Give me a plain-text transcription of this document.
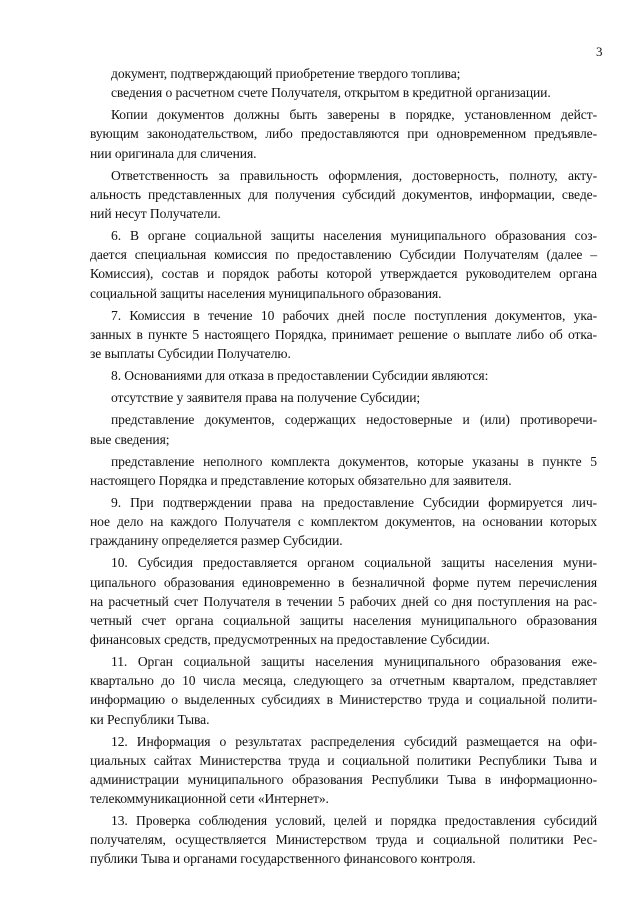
3
документ, подтверждающий приобретение твердого топлива;
сведения о расчетном счете Получателя, открытом в кредитной организации.
Копии документов должны быть заверены в порядке, установленном дейст-
вующим законодательством, либо предоставляются при одновременном предъявле-
нии оригинала для сличения.
Ответственность за правильность оформления, достоверность, полноту, акту-
альность представленных для получения субсидий документов, информации, сведе-
ний несут Получатели.
6. В органе социальной защиты населения муниципального образования соз-
дается специальная комиссия по предоставлению Субсидии Получателям (далее –
Комиссия), состав и порядок работы которой утверждается руководителем органа
социальной защиты населения муниципального образования.
7. Комиссия в течение 10 рабочих дней после поступления документов, ука-
занных в пункте 5 настоящего Порядка, принимает решение о выплате либо об отка-
зе выплаты Субсидии Получателю.
8. Основаниями для отказа в предоставлении Субсидии являются:
отсутствие у заявителя права на получение Субсидии;
представление документов, содержащих недостоверные и (или) противоречи-
вые сведения;
представление неполного комплекта документов, которые указаны в пункте 5
настоящего Порядка и представление которых обязательно для заявителя.
9. При подтверждении права на предоставление Субсидии формируется лич-
ное дело на каждого Получателя с комплектом документов, на основании которых
гражданину определяется размер Субсидии.
10. Субсидия предоставляется органом социальной защиты населения муни-
ципального образования единовременно в безналичной форме путем перечисления
на расчетный счет Получателя в течении 5 рабочих дней со дня поступления на рас-
четный счет органа социальной защиты населения муниципального образования
финансовых средств, предусмотренных на предоставление Субсидии.
11. Орган социальной защиты населения муниципального образования еже-
квартально до 10 числа месяца, следующего за отчетным кварталом, представляет
информацию о выделенных субсидиях в Министерство труда и социальной полити-
ки Республики Тыва.
12. Информация о результатах распределения субсидий размещается на офи-
циальных сайтах Министерства труда и социальной политики Республики Тыва и
администрации муниципального образования Республики Тыва в информационно-
телекоммуникационной сети «Интернет».
13. Проверка соблюдения условий, целей и порядка предоставления субсидий
получателям, осуществляется Министерством труда и социальной политики Рес-
публики Тыва и органами государственного финансового контроля.
